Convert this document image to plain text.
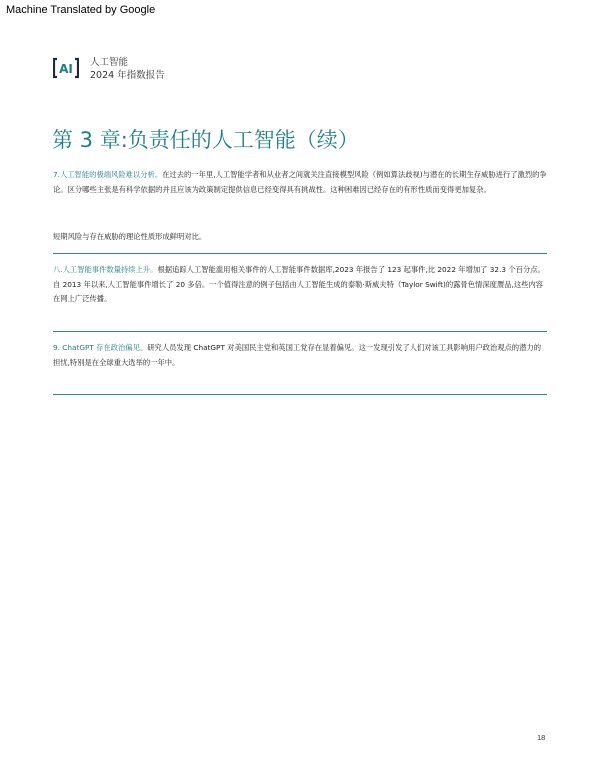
Machine Translated by Google
AI 人工智能
2024 年指数报告
第 3 章:负责任的人工智能（续）
7.人工智能的极端风险难以分析。在过去的一年里,人工智能学者和从业者之间就关注直接模型风险（例如算法歧视)与潜在的长期生存威胁进行了激烈的争论。区分哪些主张是有科学依据的并且应该为政策制定提供信息已经变得具有挑战性。这种困难因已经存在的有形性质而变得更加复杂。
短期风险与存在威胁的理论性质形成鲜明对比。
八.人工智能事件数量持续上升。根据追踪人工智能滥用相关事件的人工智能事件数据库,2023 年报告了 123 起事件,比 2022 年增加了 32.3 个百分点。自 2013 年以来,人工智能事件增长了 20 多倍。一个值得注意的例子包括由人工智能生成的泰勒·斯威夫特（Taylor Swift)的露骨色情深度赝品,这些内容在网上广泛传播。
9. ChatGPT 存在政治偏见。研究人员发现 ChatGPT 对美国民主党和英国工党存在显着偏见。这一发现引发了人们对该工具影响用户政治观点的潜力的担忧,特别是在全球重大选举的一年中。
18
